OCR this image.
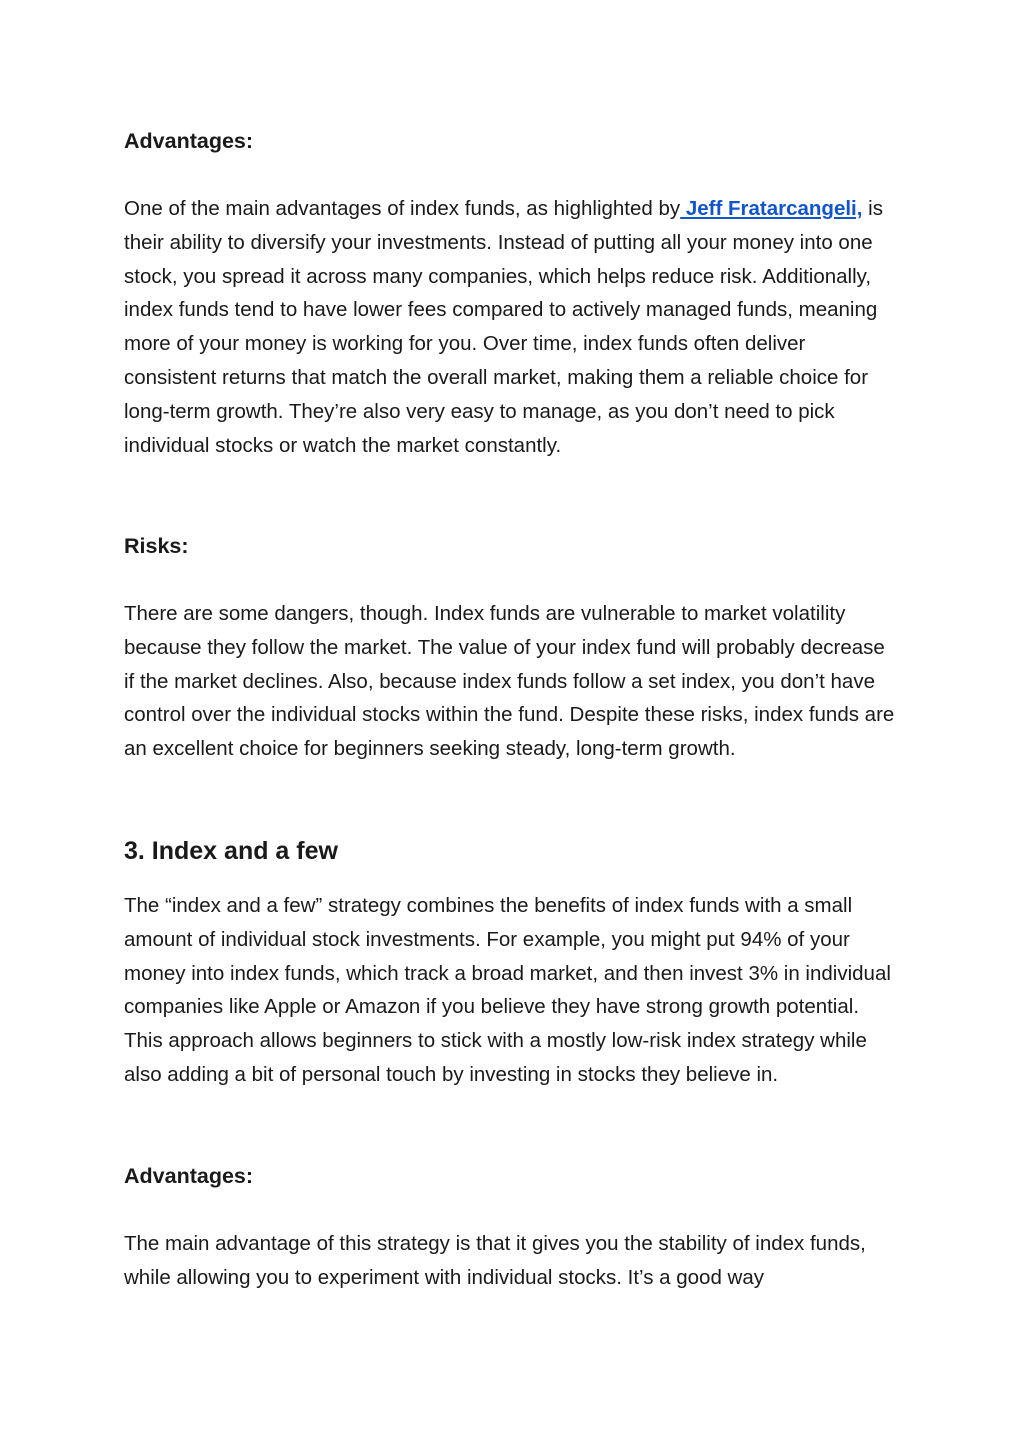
Advantages:

One of the main advantages of index funds, as highlighted by Jeff Fratarcangeli, is their ability to diversify your investments. Instead of putting all your money into one stock, you spread it across many companies, which helps reduce risk. Additionally, index funds tend to have lower fees compared to actively managed funds, meaning more of your money is working for you. Over time, index funds often deliver consistent returns that match the overall market, making them a reliable choice for long-term growth. They’re also very easy to manage, as you don’t need to pick individual stocks or watch the market constantly.

Risks:

There are some dangers, though. Index funds are vulnerable to market volatility because they follow the market. The value of your index fund will probably decrease if the market declines. Also, because index funds follow a set index, you don’t have control over the individual stocks within the fund. Despite these risks, index funds are an excellent choice for beginners seeking steady, long-term growth.

3. Index and a few

The “index and a few” strategy combines the benefits of index funds with a small amount of individual stock investments. For example, you might put 94% of your money into index funds, which track a broad market, and then invest 3% in individual companies like Apple or Amazon if you believe they have strong growth potential. This approach allows beginners to stick with a mostly low-risk index strategy while also adding a bit of personal touch by investing in stocks they believe in.

Advantages:

The main advantage of this strategy is that it gives you the stability of index funds, while allowing you to experiment with individual stocks. It’s a good way
